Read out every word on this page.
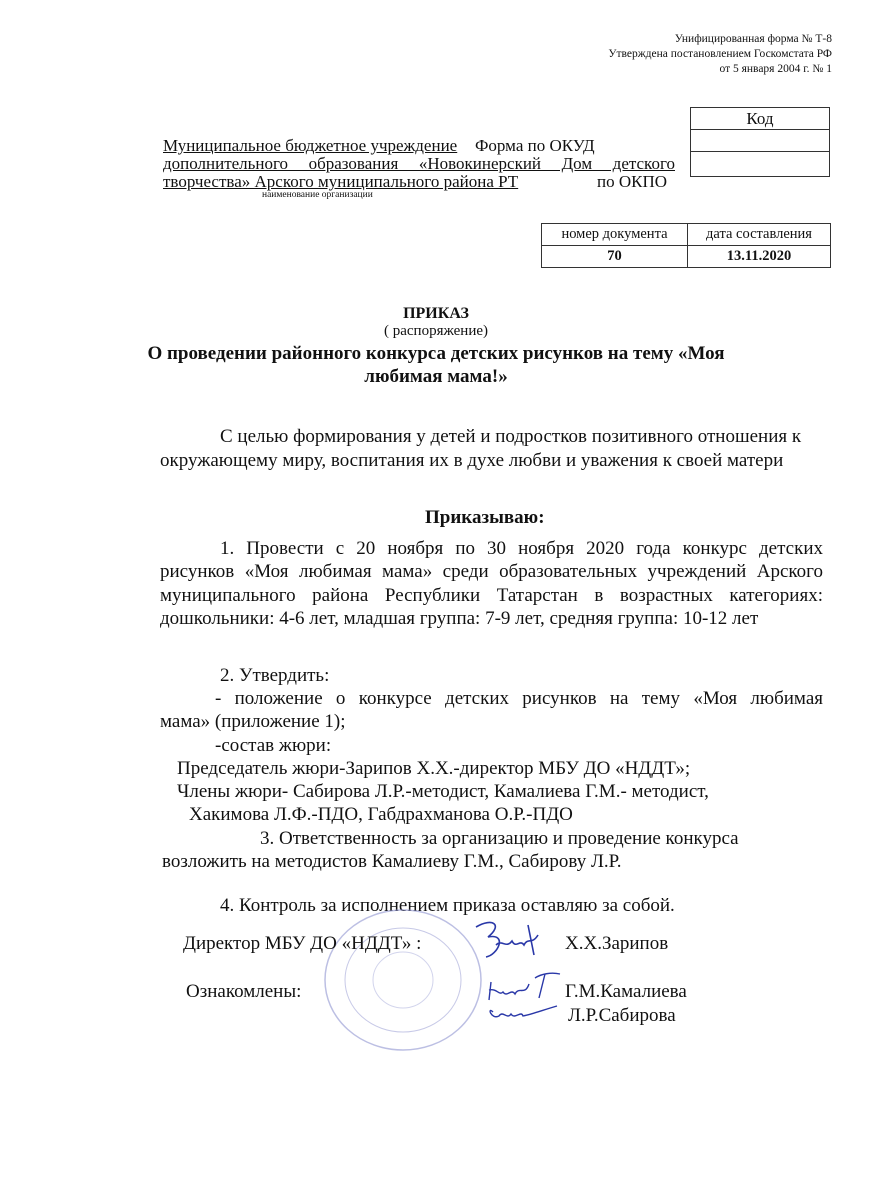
Унифицированная форма № Т-8
Утверждена постановлением Госкомстата РФ
от 5 января 2004 г. № 1
Муниципальное бюджетное учреждение Форма по ОКУД
дополнительного образования «Новокинерский Дом детского
творчества» Арского муниципального района РТ	по ОКПО
наименование организации
Код

номер документа	дата составления
70	13.11.2020
ПРИКАЗ
( распоряжение)
О проведении районного конкурса детских рисунков на тему «Моя
любимая мама!»
С целью формирования у детей и подростков позитивного отношения к
окружающему миру, воспитания их в духе любви и уважения к своей матери
Приказываю:
1. Провести с 20 ноября по 30 ноября 2020 года конкурс детских
рисунков «Моя любимая мама» среди образовательных учреждений Арского
муниципального района Республики Татарстан в возрастных категориях:
дошкольники: 4-6 лет, младшая группа: 7-9 лет, средняя группа: 10-12 лет
2. Утвердить:
- положение о конкурсе детских рисунков на тему «Моя любимая
мама» (приложение 1);
-состав жюри:
Председатель жюри-Зарипов Х.Х.-директор МБУ ДО «НДДТ»;
Члены жюри- Сабирова Л.Р.-методист, Камалиева Г.М.- методист,
Хакимова Л.Ф.-ПДО, Габдрахманова О.Р.-ПДО
3. Ответственность за организацию и проведение конкурса
возложить на методистов Камалиеву Г.М., Сабирову Л.Р.
4. Контроль за исполнением приказа оставляю за собой.
Директор МБУ ДО «НДДТ» :	Х.Х.Зарипов
Ознакомлены:	Г.М.Камалиева
Л.Р.Сабирова
